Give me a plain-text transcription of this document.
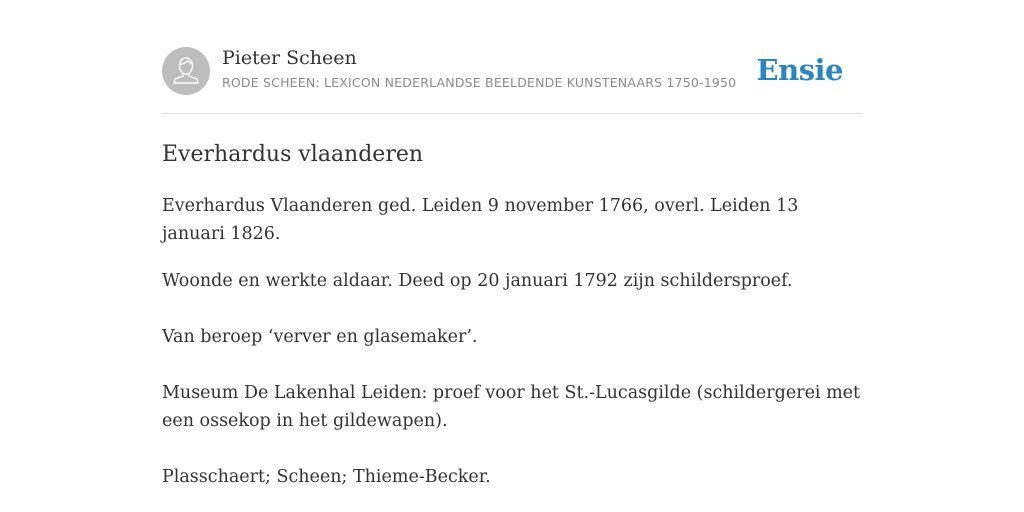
Pieter Scheen
RODE SCHEEN: LEXICON NEDERLANDSE BEELDENDE KUNSTENAARS 1750-1950 Ensie
Everhardus vlaanderen

Everhardus Vlaanderen ged. Leiden 9 november 1766, overl. Leiden 13 januari 1826.

Woonde en werkte aldaar. Deed op 20 januari 1792 zijn schildersproef.

Van beroep ‘verver en glasemaker’.

Museum De Lakenhal Leiden: proef voor het St.-Lucasgilde (schildergerei met een ossekop in het gildewapen).

Plasschaert; Scheen; Thieme-Becker.
